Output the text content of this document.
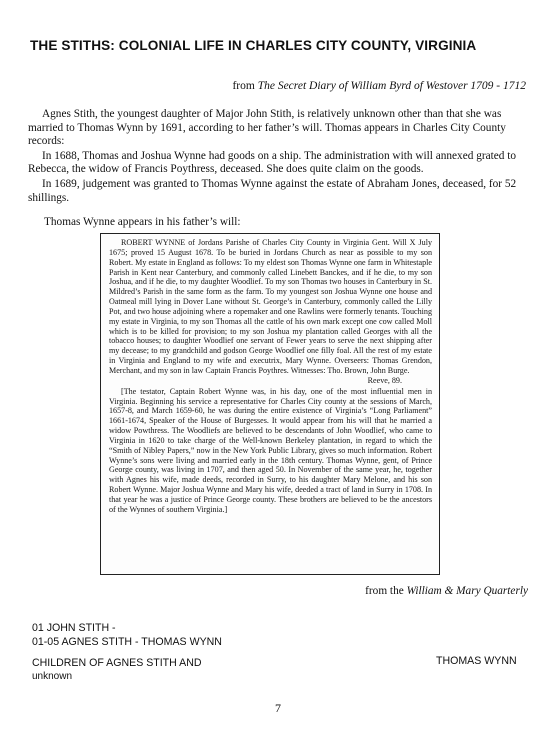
THE STITHS: COLONIAL LIFE IN CHARLES CITY COUNTY, VIRGINIA
from The Secret Diary of William Byrd of Westover 1709 - 1712

Agnes Stith, the youngest daughter of Major John Stith, is relatively unknown other than that she was married to Thomas Wynn by 1691, according to her father’s will. Thomas appears in Charles City County records:

In 1688, Thomas and Joshua Wynne had goods on a ship. The administration with will annexed grated to Rebecca, the widow of Francis Poythress, deceased. She does quite claim on the goods.

In 1689, judgement was granted to Thomas Wynne against the estate of Abraham Jones, deceased, for 52 shillings.

Thomas Wynne appears in his father’s will:

ROBERT WYNNE of Jordans Parishe of Charles City County in Virginia Gent. Will X July 1675; proved 15 August 1678. To be buried in Jordans Church as near as possible to my son Robert. My estate in England as follows: To my eldest son Thomas Wynne one farm in Whitestaple Parish in Kent near Canterbury, and commonly called Linebett Banckes, and if he die, to my son Joshua, and if he die, to my daughter Woodlief. To my son Thomas two houses in Canterbury in St. Mildred’s Parish in the same form as the farm. To my youngest son Joshua Wynne one house and Oatmeal mill lying in Dover Lane without St. George’s in Canterbury, commonly called the Lilly Pot, and two house adjoining where a ropemaker and one Rawlins were formerly tenants. Touching my estate in Virginia, to my son Thomas all the cattle of his own mark except one cow called Moll which is to be killed for provision; to my son Joshua my plantation called Georges with all the tobacco houses; to daughter Woodlief one servant of Fewer years to serve the next shipping after my decease; to my grandchild and godson George Woodlief one filly foal. All the rest of my estate in Virginia and England to my wife and executrix, Mary Wynne. Overseers: Thomas Grendon, Merchant, and my son in law Captain Francis Poythres. Witnesses: Tho. Brown, John Burge.

Reeve, 89.

[The testator, Captain Robert Wynne was, in his day, one of the most influential men in Virginia. Beginning his service a representative for Charles City county at the sessions of March, 1657-8, and March 1659-60, he was during the entire existence of Virginia’s “Long Parliament” 1661-1674, Speaker of the House of Burgesses. It would appear from his will that he married a widow Powthress. The Woodliefs are believed to be descendants of John Woodlief, who came to Virginia in 1620 to take charge of the Well-known Berkeley plantation, in regard to which the “Smith of Nibley Papers,” now in the New York Public Library, gives so much information. Robert Wynne’s sons were living and married early in the 18th century. Thomas Wynne, gent, of Prince George county, was living in 1707, and then aged 50. In November of the same year, he, together with Agnes his wife, made deeds, recorded in Surry, to his daughter Mary Melone, and his son Robert Wynne. Major Joshua Wynne and Mary his wife, deeded a tract of land in Surry in 1708. In that year he was a justice of Prince George county. These brothers are believed to be the ancestors of the Wynnes of southern Virginia.]

from the William & Mary Quarterly
01 JOHN STITH -
01-05 AGNES STITH - THOMAS WYNN
CHILDREN OF AGNES STITH AND
unknown
THOMAS WYNN
7
